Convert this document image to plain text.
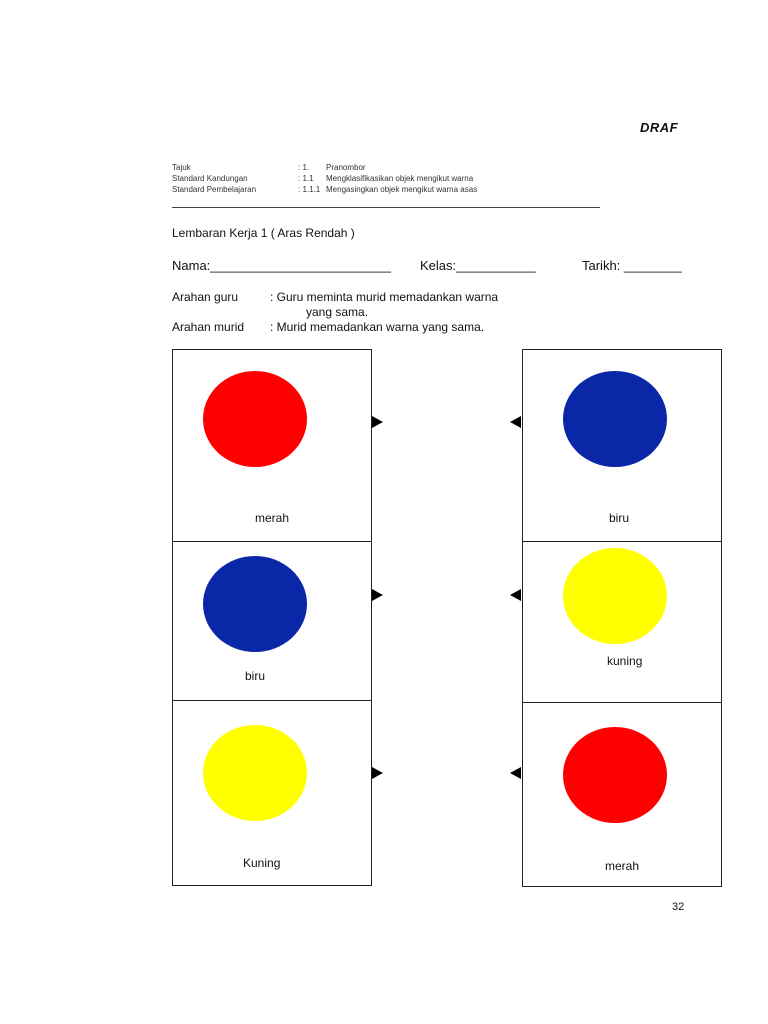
DRAF
Tajuk	: 1. Pranombor
Standard Kandungan	: 1.1 Mengklasifikasikan objek mengikut warna
Standard Pembelajaran	: 1.1.1 Mengasingkan objek mengikut warna asas
Lembaran Kerja 1 ( Aras Rendah )
Nama:_________________________ Kelas:___________	Tarikh: ________
Arahan guru	: Guru meminta murid memadankan warna
yang sama.
Arahan murid : Murid memadankan warna yang sama.
merah
biru
Kuning
biru
kuning
merah
32
